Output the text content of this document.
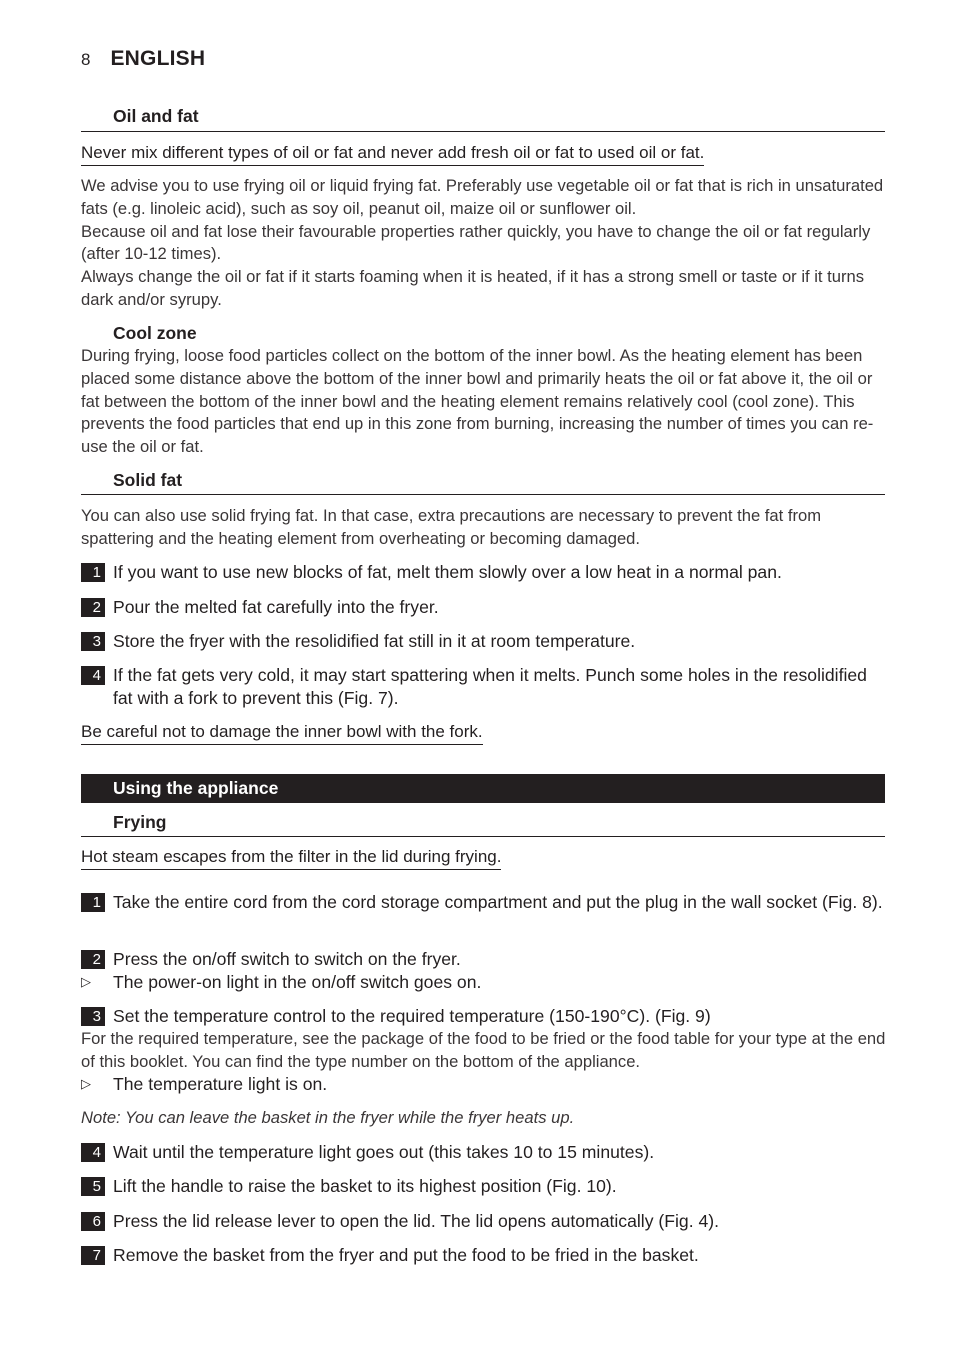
8 ENGLISH
Oil and fat
Never mix different types of oil or fat and never add fresh oil or fat to used oil or fat.
We advise you to use frying oil or liquid frying fat. Preferably use vegetable oil or fat that is rich in unsaturated fats (e.g. linoleic acid), such as soy oil, peanut oil, maize oil or sunflower oil.
Because oil and fat lose their favourable properties rather quickly, you have to change the oil or fat regularly (after 10-12 times).
Always change the oil or fat if it starts foaming when it is heated, if it has a strong smell or taste or if it turns dark and/or syrupy.
Cool zone
During frying, loose food particles collect on the bottom of the inner bowl. As the heating element has been placed some distance above the bottom of the inner bowl and primarily heats the oil or fat above it, the oil or fat between the bottom of the inner bowl and the heating element remains relatively cool (cool zone). This prevents the food particles that end up in this zone from burning, increasing the number of times you can re-use the oil or fat.
Solid fat
You can also use solid frying fat. In that case, extra precautions are necessary to prevent the fat from spattering and the heating element from overheating or becoming damaged.
1 If you want to use new blocks of fat, melt them slowly over a low heat in a normal pan.
2 Pour the melted fat carefully into the fryer.
3 Store the fryer with the resolidified fat still in it at room temperature.
4 If the fat gets very cold, it may start spattering when it melts. Punch some holes in the resolidified fat with a fork to prevent this (Fig. 7).
Be careful not to damage the inner bowl with the fork.
Using the appliance
Frying
Hot steam escapes from the filter in the lid during frying.
1 Take the entire cord from the cord storage compartment and put the plug in the wall socket (Fig. 8).
2 Press the on/off switch to switch on the fryer.
▷	The power-on light in the on/off switch goes on.
3 Set the temperature control to the required temperature (150-190°C). (Fig. 9)
For the required temperature, see the package of the food to be fried or the food table for your type at the end of this booklet. You can find the type number on the bottom of the appliance.
▷	The temperature light is on.
Note: You can leave the basket in the fryer while the fryer heats up.
4 Wait until the temperature light goes out (this takes 10 to 15 minutes).
5 Lift the handle to raise the basket to its highest position (Fig. 10).
6 Press the lid release lever to open the lid. The lid opens automatically (Fig. 4).
7 Remove the basket from the fryer and put the food to be fried in the basket.
